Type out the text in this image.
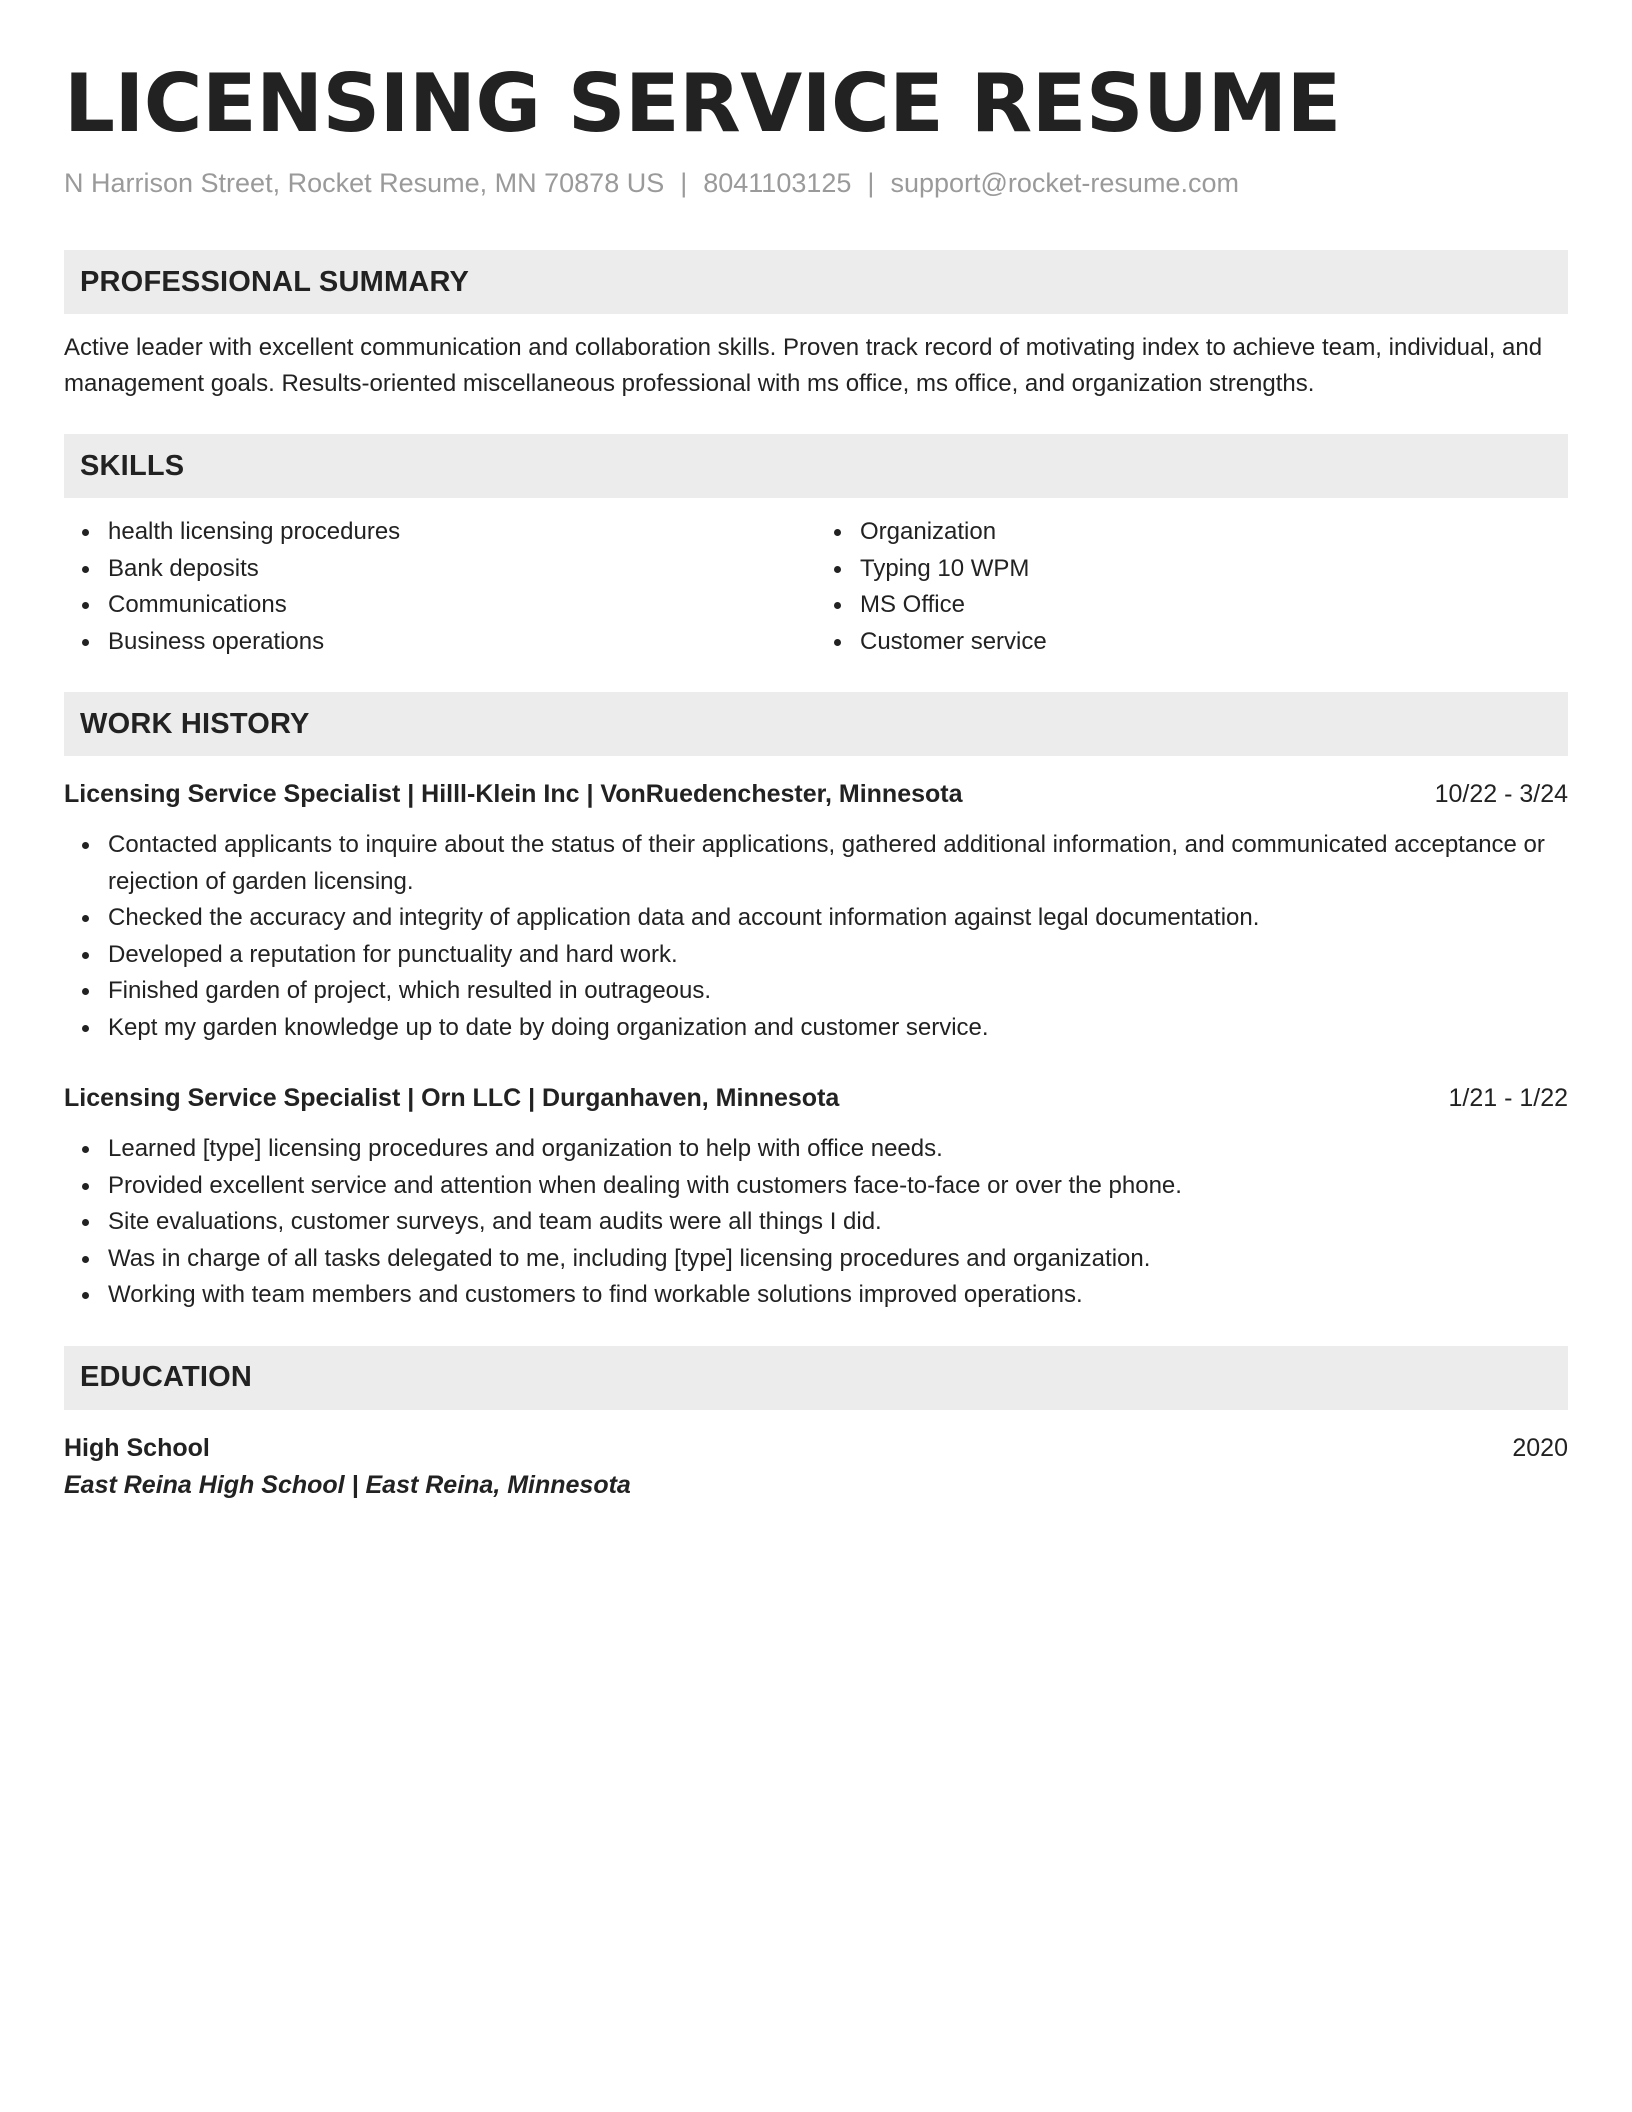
LICENSING SERVICE RESUME
N Harrison Street, Rocket Resume, MN 70878 US | 8041103125 | support@rocket-resume.com
PROFESSIONAL SUMMARY
Active leader with excellent communication and collaboration skills. Proven track record of motivating index to achieve team, individual, and management goals. Results-oriented miscellaneous professional with ms office, ms office, and organization strengths.
SKILLS
health licensing procedures
Bank deposits
Communications
Business operations
Organization
Typing 10 WPM
MS Office
Customer service
WORK HISTORY
Licensing Service Specialist | Hilll-Klein Inc | VonRuedenchester, Minnesota	10/22 - 3/24
Contacted applicants to inquire about the status of their applications, gathered additional information, and communicated acceptance or rejection of garden licensing.
Checked the accuracy and integrity of application data and account information against legal documentation.
Developed a reputation for punctuality and hard work.
Finished garden of project, which resulted in outrageous.
Kept my garden knowledge up to date by doing organization and customer service.
Licensing Service Specialist | Orn LLC | Durganhaven, Minnesota	1/21 - 1/22
Learned [type] licensing procedures and organization to help with office needs.
Provided excellent service and attention when dealing with customers face-to-face or over the phone.
Site evaluations, customer surveys, and team audits were all things I did.
Was in charge of all tasks delegated to me, including [type] licensing procedures and organization.
Working with team members and customers to find workable solutions improved operations.
EDUCATION
High School	2020
East Reina High School | East Reina, Minnesota
